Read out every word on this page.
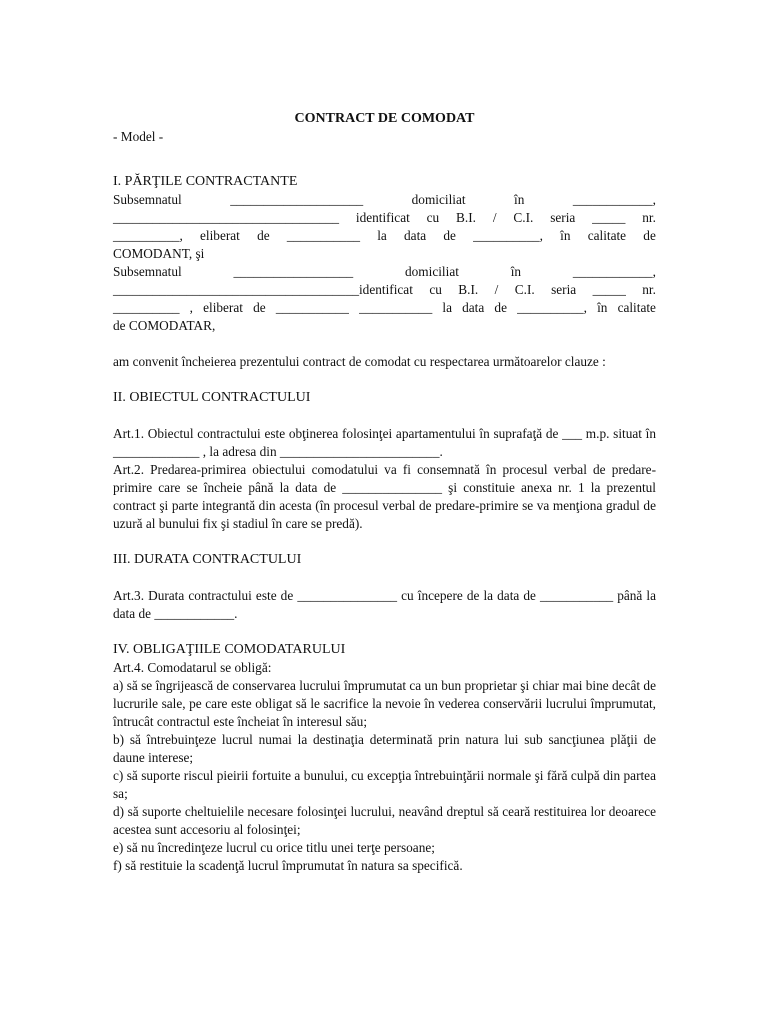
CONTRACT DE COMODAT

- Model -

I. PĂRŢILE CONTRACTANTE

Subsemnatul	____________________	domiciliat	în	____________,
__________________________________ identificat cu B.I. / C.I. seria _____ nr.
__________, eliberat de ___________ la data de __________, în calitate de
COMODANT, şi
Subsemnatul	__________________	domiciliat	în	____________,
_____________________________________identificat cu B.I. / C.I. seria _____ nr.
__________ , eliberat de ___________ ___________ la data de __________, în calitate
de COMODATAR,

am convenit încheierea prezentului contract de comodat cu respectarea următoarelor clauze :

II. OBIECTUL CONTRACTULUI

Art.1. Obiectul contractului este obţinerea folosinţei apartamentului în suprafaţă de ___ m.p. situat în _____________ , la adresa din ________________________.

Art.2. Predarea-primirea obiectului comodatului va fi consemnată în procesul verbal de predare-primire care se încheie până la data de _______________ şi constituie anexa nr. 1 la prezentul contract şi parte integrantă din acesta (în procesul verbal de predare-primire se va menţiona gradul de uzură al bunului fix şi stadiul în care se predă).

III. DURATA CONTRACTULUI

Art.3. Durata contractului este de _______________ cu începere de la data de ___________ până la data de ____________.

IV. OBLIGAŢIILE COMODATARULUI

Art.4. Comodatarul se obligă:

a) să se îngrijească de conservarea lucrului împrumutat ca un bun proprietar şi chiar mai bine decât de lucrurile sale, pe care este obligat să le sacrifice la nevoie în vederea conservării lucrului împrumutat, întrucât contractul este încheiat în interesul său;

b) să întrebuinţeze lucrul numai la destinaţia determinată prin natura lui sub sancţiunea plăţii de daune interese;

c) să suporte riscul pieirii fortuite a bunului, cu excepţia întrebuinţării normale şi fără culpă din partea sa;

d) să suporte cheltuielile necesare folosinţei lucrului, neavând dreptul să ceară restituirea lor deoarece acestea sunt accesoriu al folosinţei;

e) să nu încredinţeze lucrul cu orice titlu unei terţe persoane;

f) să restituie la scadenţă lucrul împrumutat în natura sa specifică.
